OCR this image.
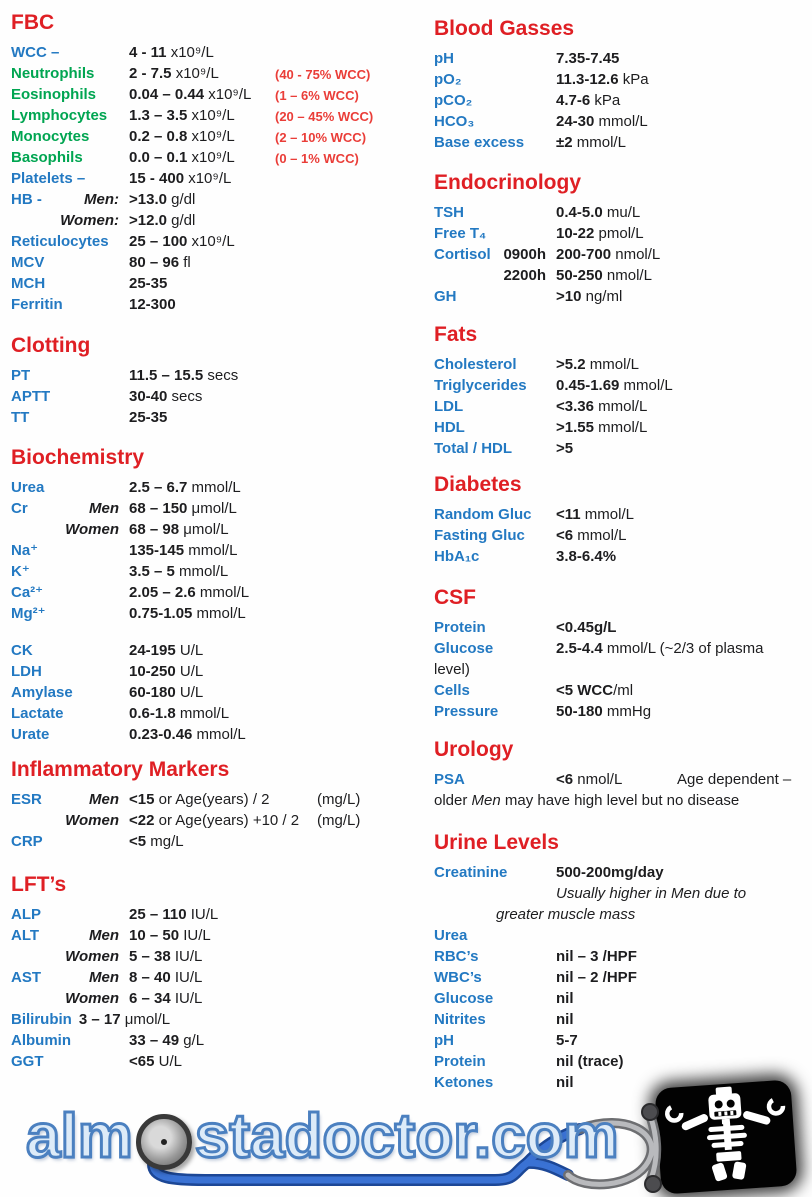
FBC
WCC –	4 - 11 x10⁹/L
Neutrophils 2 - 7.5 x10⁹/L	(40 - 75% WCC)
Eosinophils 0.04 – 0.44 x10⁹/L (1 – 6% WCC)
Lymphocytes 1.3 – 3.5 x10⁹/L	(20 – 45% WCC)
Monocytes	0.2 – 0.8 x10⁹/L	(2 – 10% WCC)
Basophils	0.0 – 0.1 x10⁹/L	(0 – 1% WCC)
Platelets –	15 - 400 x10⁹/L
HB -	Men: >13.0 g/dl
Women: >12.0 g/dl
Reticulocytes 25 – 100 x10⁹/L
MCV	80 – 96 fl
MCH	25-35
Ferritin	12-300
Clotting
PT	11.5 – 15.5 secs
APTT	30-40 secs
TT	25-35
Biochemistry
Urea	2.5 – 6.7 mmol/L
Cr	Men 68 – 150 μmol/L
Women 68 – 98 μmol/L
Na⁺	135-145 mmol/L
K⁺	3.5 – 5 mmol/L
Ca²⁺	2.05 – 2.6 mmol/L
Mg²⁺	0.75-1.05 mmol/L
CK	24-195 U/L
LDH	10-250 U/L
Amylase	60-180 U/L
Lactate	0.6-1.8 mmol/L
Urate	0.23-0.46 mmol/L
Inflammatory Markers
ESR	Men <15 or Age(years) / 2	(mg/L)
Women <22 or Age(years) +10 / 2 (mg/L)
CRP	<5 mg/L
LFT’s
ALP	25 – 110 IU/L
ALT	Men 10 – 50 IU/L
Women 5 – 38 IU/L
AST	Men 8 – 40 IU/L
Women 6 – 34 IU/L
Bilirubin 3 – 17 μmol/L
Albumin	33 – 49 g/L
GGT	<65 U/L
Blood Gasses
pH	7.35-7.45
pO₂	11.3-12.6 kPa
pCO₂	4.7-6 kPa
HCO₃	24-30 mmol/L
Base excess ±2 mmol/L
Endocrinology
TSH	0.4-5.0 mu/L
Free T₄	10-22 pmol/L
Cortisol 0900h 200-700 nmol/L
2200h 50-250 nmol/L
GH	>10 ng/ml
Fats
Cholesterol	>5.2 mmol/L
Triglycerides 0.45-1.69 mmol/L
LDL	<3.36 mmol/L
HDL	>1.55 mmol/L
Total / HDL	>5
Diabetes
Random Gluc <11 mmol/L
Fasting Gluc <6 mmol/L
HbA₁c	3.8-6.4%
CSF
Protein	<0.45g/L
Glucose	2.5-4.4 mmol/L (~2/3 of plasma
level)
Cells	<5 WCC/ml
Pressure	50-180 mmHg
Urology
PSA	<6 nmol/L	Age dependent –
older Men may have high level but no disease
Urine Levels
Creatinine	500-200mg/day
Usually higher in Men due to
greater muscle mass
Urea
RBC’s	nil – 3 /HPF
WBC’s	nil – 2 /HPF
Glucose	nil
Nitrites	nil
pH	5-7
Protein	nil (trace)
Ketones	nil
alm stadoctor.com
